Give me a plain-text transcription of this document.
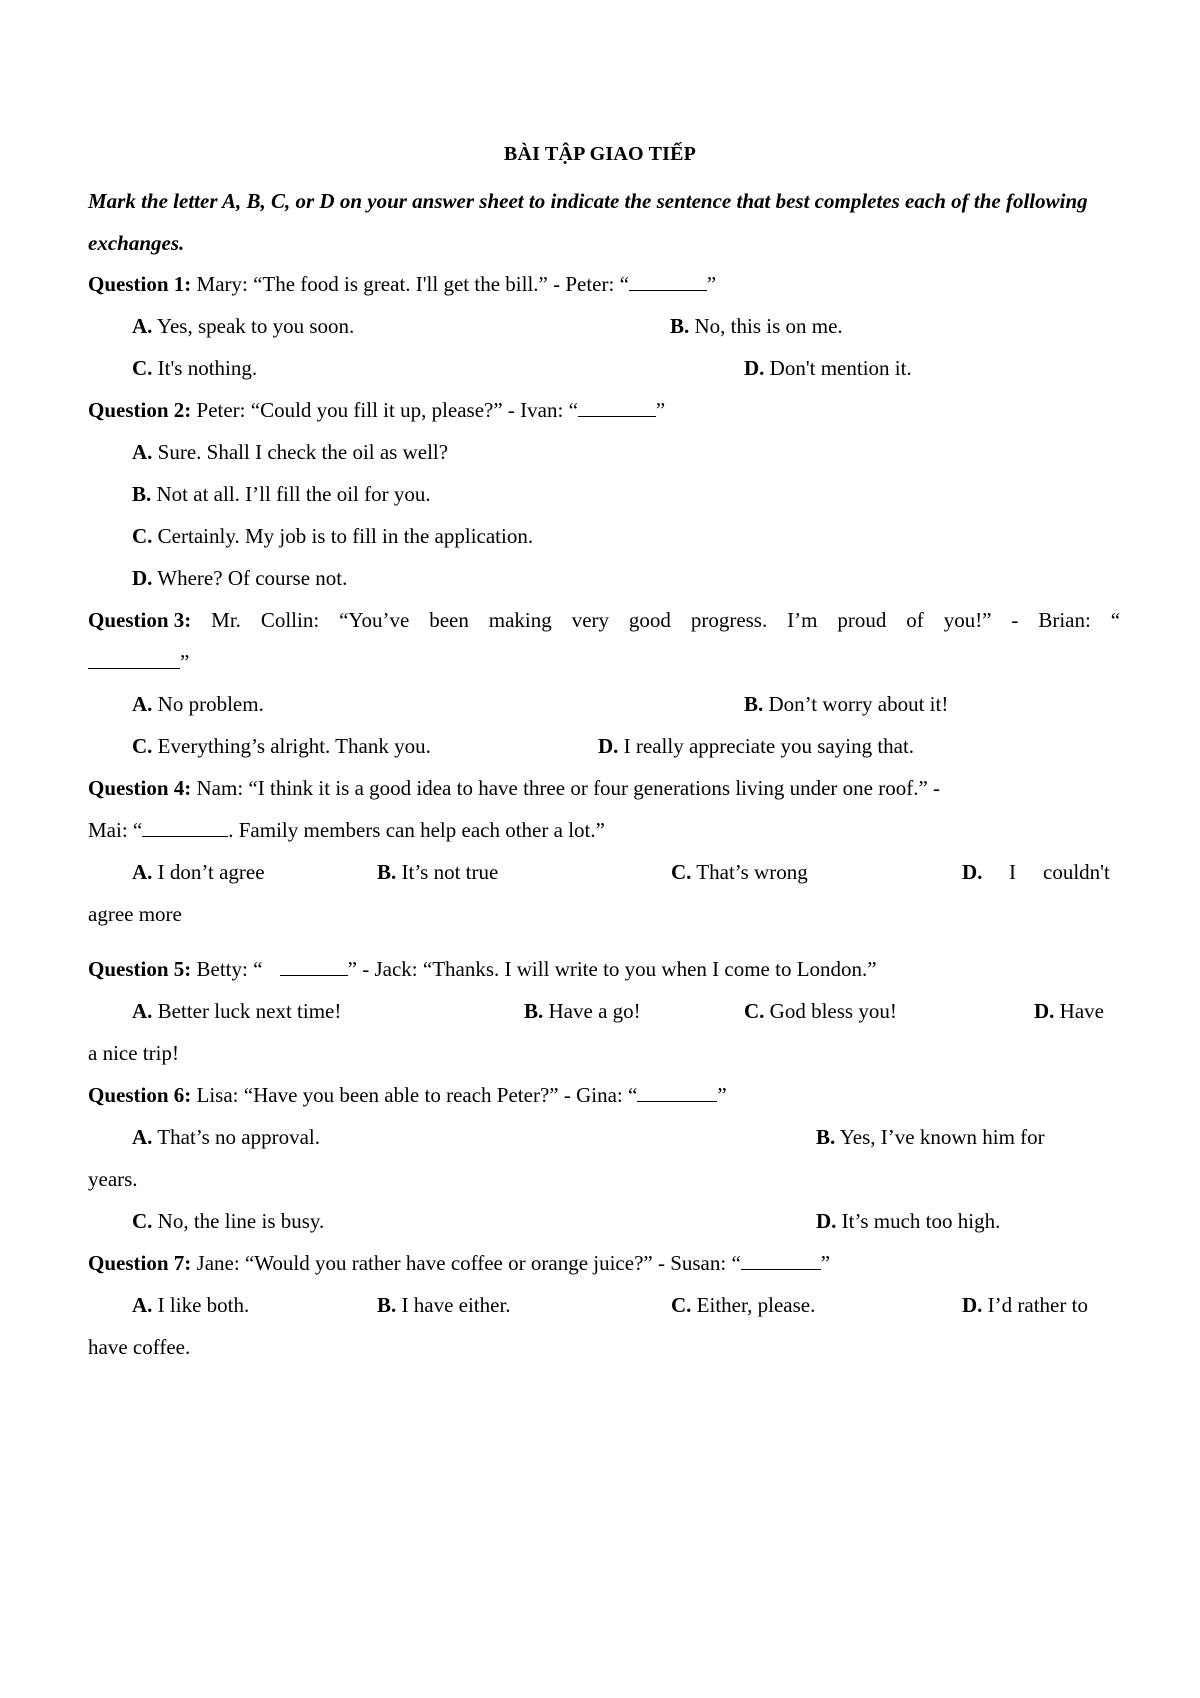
BÀI TẬP GIAO TIẾP
Mark the letter A, B, C, or D on your answer sheet to indicate the sentence that best completes each of the following exchanges.
Question 1: Mary: “The food is great. I'll get the bill.” - Peter: “	”
A. Yes, speak to you soon.	B. No, this is on me.
C. It's nothing.	D. Don't mention it.
Question 2: Peter: “Could you fill it up, please?” - Ivan: “	”
A. Sure. Shall I check the oil as well?
B. Not at all. I’ll fill the oil for you.
C. Certainly. My job is to fill in the application.
D. Where? Of course not.
Question 3: Mr. Collin: “You’ve been making very good progress. I’m proud of you!” - Brian: “
”
A. No problem.	B. Don’t worry about it!
C. Everything’s alright. Thank you.	D. I really appreciate you saying that.
Question 4: Nam: “I think it is a good idea to have three or four generations living under one roof.” -
Mai: “	. Family members can help each other a lot.”
A. I don’t agree	B. It’s not true	C. That’s wrong	D. I couldn't
agree more
Question 5: Betty: “	” - Jack: “Thanks. I will write to you when I come to London.”
A. Better luck next time!	B. Have a go!	C. God bless you!	D. Have
a nice trip!
Question 6: Lisa: “Have you been able to reach Peter?” - Gina: “	”
A. That’s no approval.	B. Yes, I’ve known him for
years.
C. No, the line is busy.	D. It’s much too high.
Question 7: Jane: “Would you rather have coffee or orange juice?” - Susan: “	”
A. I like both.	B. I have either.	C. Either, please.	D. I’d rather to
have coffee.
